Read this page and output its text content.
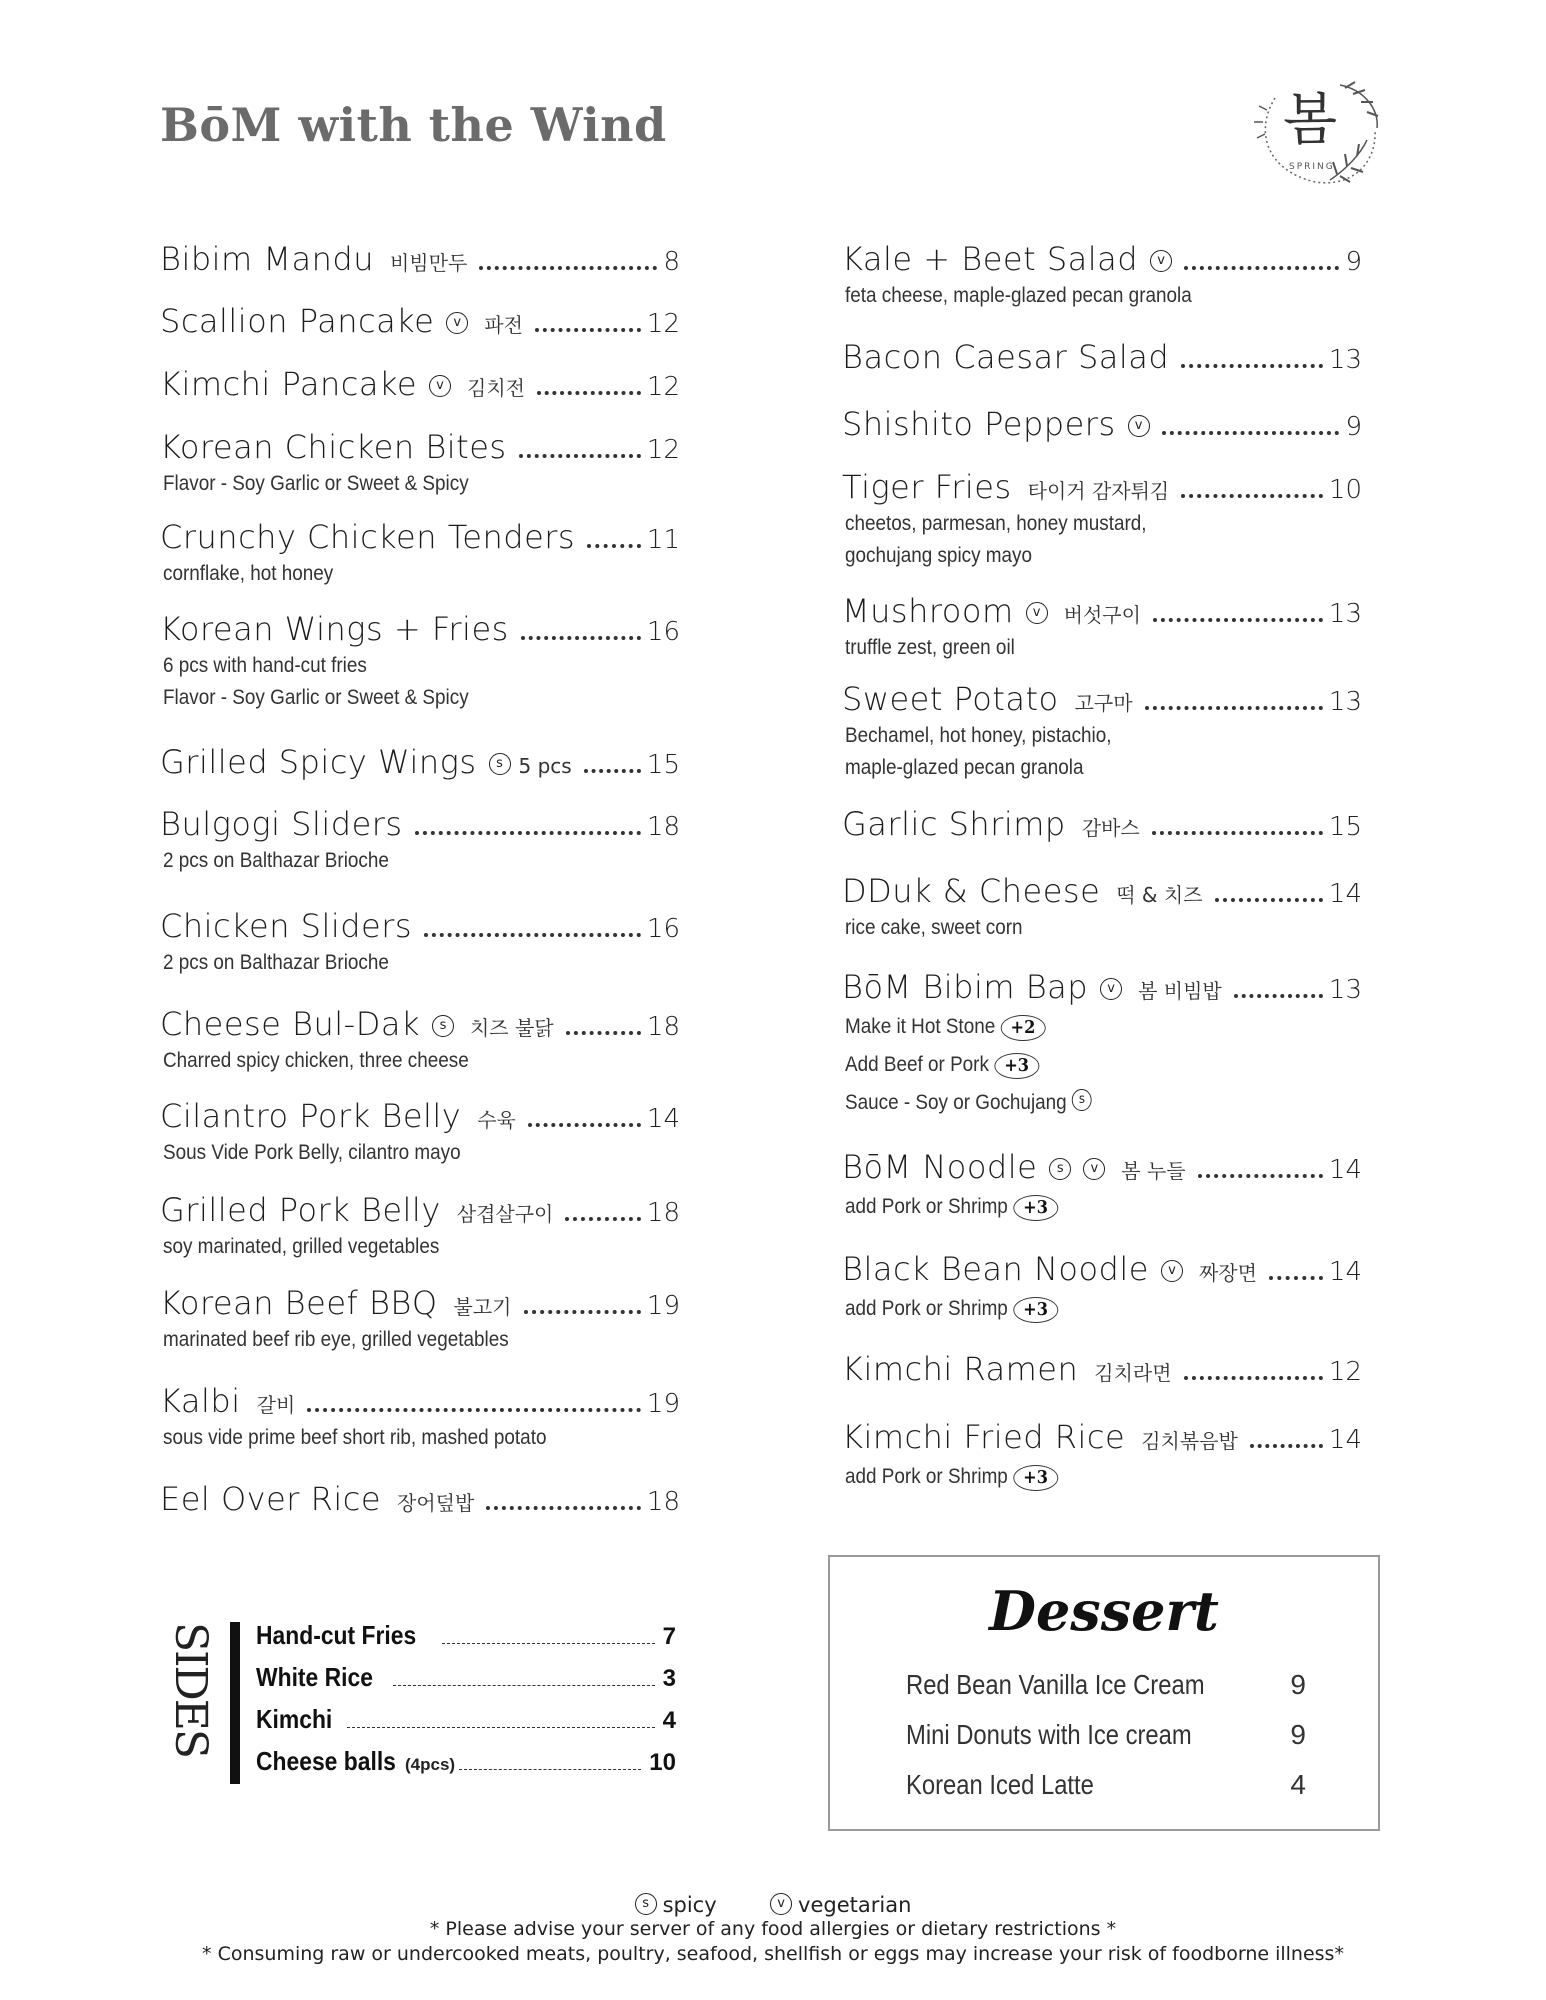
BōM with the Wind	봄
SPRING
Bibim Mandu 비빔만두	8
Scallion Pancake	v	파전	12
Kimchi Pancake	v	김치전	12
Korean Chicken Bites	12
Flavor - Soy Garlic or Sweet & Spicy
Crunchy Chicken Tenders	11
cornflake, hot honey
Korean Wings + Fries	16
6 pcs with hand-cut fries
Flavor - Soy Garlic or Sweet & Spicy
Grilled Spicy Wings	s 5 pcs	15
Bulgogi Sliders	18
2 pcs on Balthazar Brioche
Chicken Sliders	16
2 pcs on Balthazar Brioche
Cheese Bul-Dak	s	치즈 불닭	18
Charred spicy chicken, three cheese
Cilantro Pork Belly 수육	14
Sous Vide Pork Belly, cilantro mayo
Grilled Pork Belly 삼겹살구이	18
soy marinated, grilled vegetables
Korean Beef BBQ 불고기	19
marinated beef rib eye, grilled vegetables
Kalbi 갈비	19
sous vide prime beef short rib, mashed potato
Eel Over Rice 장어덮밥	18
Kale + Beet Salad	v	9
feta cheese, maple-glazed pecan granola
Bacon Caesar Salad	13
Shishito Peppers	v	9
Tiger Fries 타이거 감자튀김	10
cheetos, parmesan, honey mustard,
gochujang spicy mayo
Mushroom	v	버섯구이	13
truffle zest, green oil
Sweet Potato 고구마	13
Bechamel, hot honey, pistachio,
maple-glazed pecan granola
Garlic Shrimp 감바스	15
DDuk & Cheese 떡 & 치즈	14
rice cake, sweet corn
BōM Bibim Bap	v	봄 비빔밥	13
Make it Hot Stone +2
Add Beef or Pork +3
Sauce - Soy or Gochujang s
BōM Noodle	s	v	봄 누들	14
add Pork or Shrimp +3
Black Bean Noodle	v	짜장면	14
add Pork or Shrimp +3
Kimchi Ramen 김치라면	12
Kimchi Fried Rice 김치볶음밥	14
add Pork or Shrimp +3
SIDES Hand-cut Fries	7
White Rice	3
Kimchi	4
Cheese balls (4pcs)	10
Dessert
Red Bean Vanilla Ice Cream	9
Mini Donuts with Ice cream	9
Korean Iced Latte	4
s spicy	v vegetarian
* Please advise your server of any food allergies or dietary restrictions *
* Consuming raw or undercooked meats, poultry, seafood, shellfish or eggs may increase your risk of foodborne illness*
